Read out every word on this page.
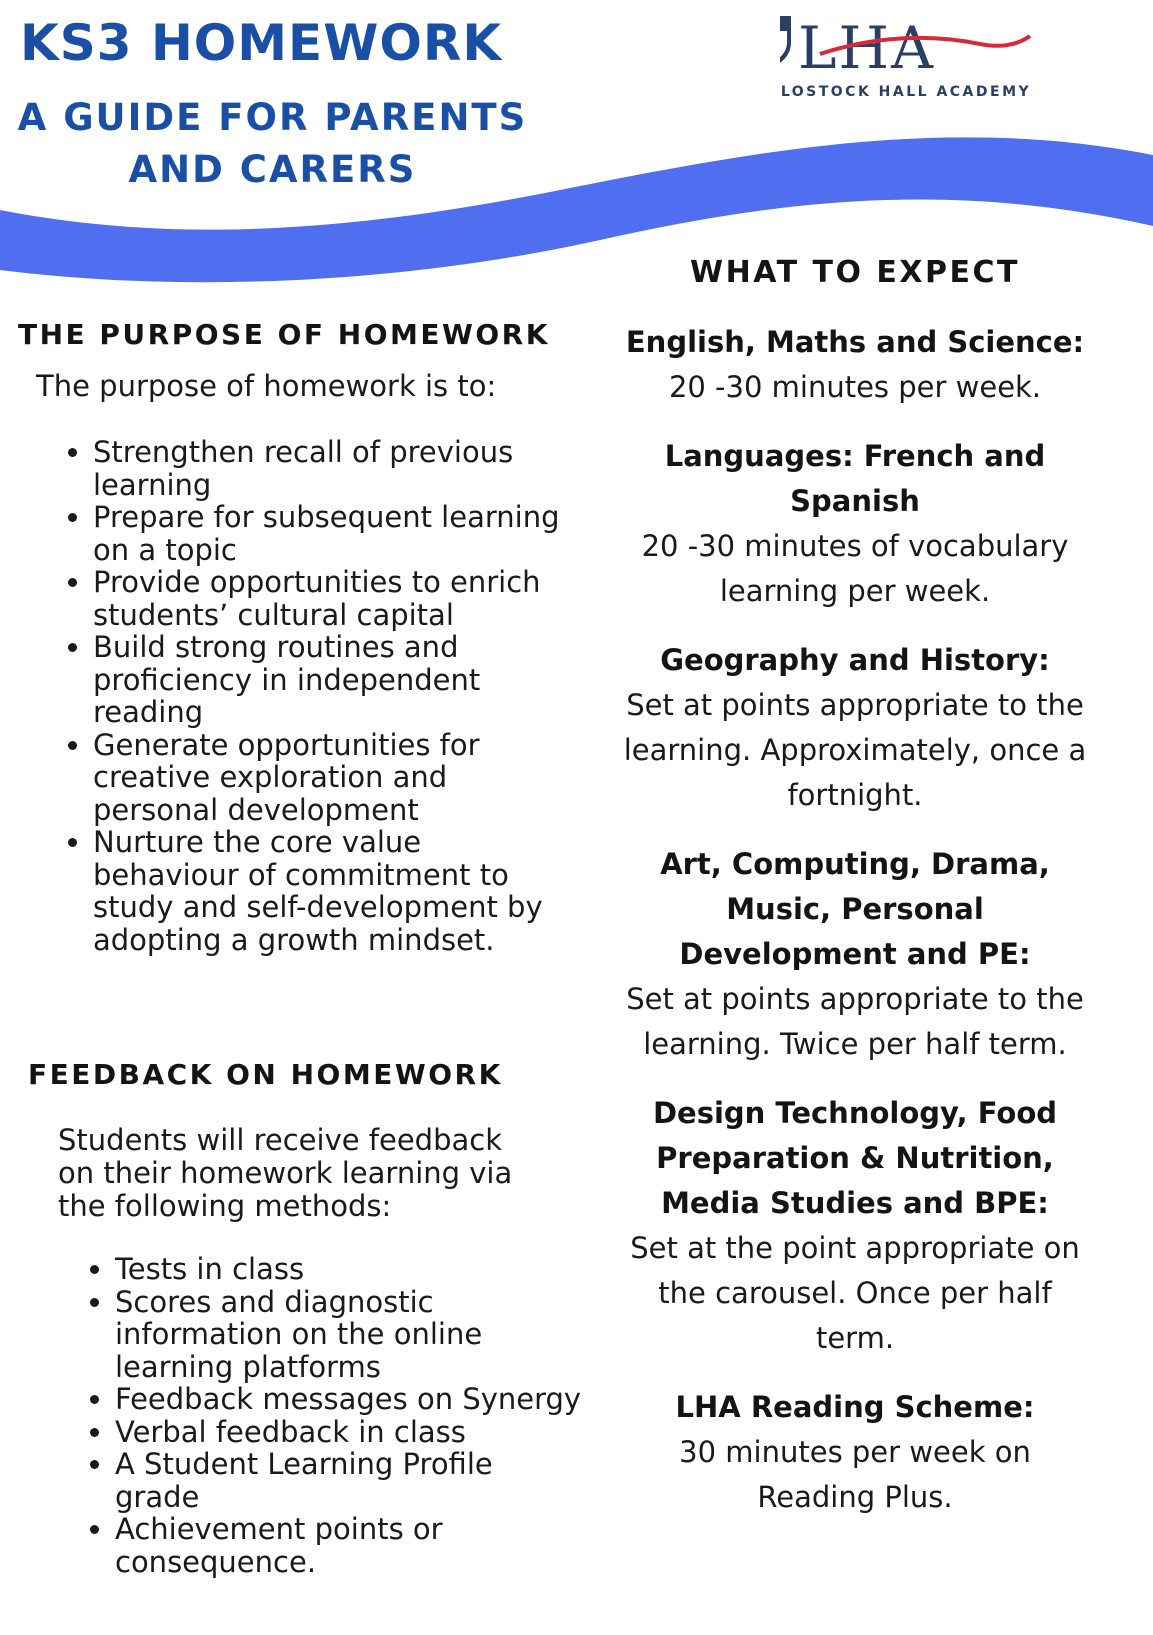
KS3 HOMEWORK
A GUIDE FOR PARENTS AND CARERS
LHA
LOSTOCK HALL ACADEMY
THE PURPOSE OF HOMEWORK

The purpose of homework is to:

• Strengthen recall of previous learning
• Prepare for subsequent learning on a topic
• Provide opportunities to enrich students’ cultural capital
• Build strong routines and proficiency in independent reading
• Generate opportunities for creative exploration and personal development
• Nurture the core value behaviour of commitment to study and self-development by adopting a growth mindset.
FEEDBACK ON HOMEWORK

Students will receive feedback on their homework learning via the following methods:

• Tests in class
• Scores and diagnostic information on the online learning platforms
• Feedback messages on Synergy
• Verbal feedback in class
• A Student Learning Profile grade
• Achievement points or consequence.
WHAT TO EXPECT
English, Maths and Science:
20 -30 minutes per week.
Languages: French and Spanish
20 -30 minutes of vocabulary learning per week.
Geography and History:
Set at points appropriate to the learning. Approximately, once a fortnight.
Art, Computing, Drama, Music, Personal Development and PE:
Set at points appropriate to the learning. Twice per half term.
Design Technology, Food Preparation & Nutrition, Media Studies and BPE:
Set at the point appropriate on the carousel. Once per half term.
LHA Reading Scheme:
30 minutes per week on Reading Plus.
